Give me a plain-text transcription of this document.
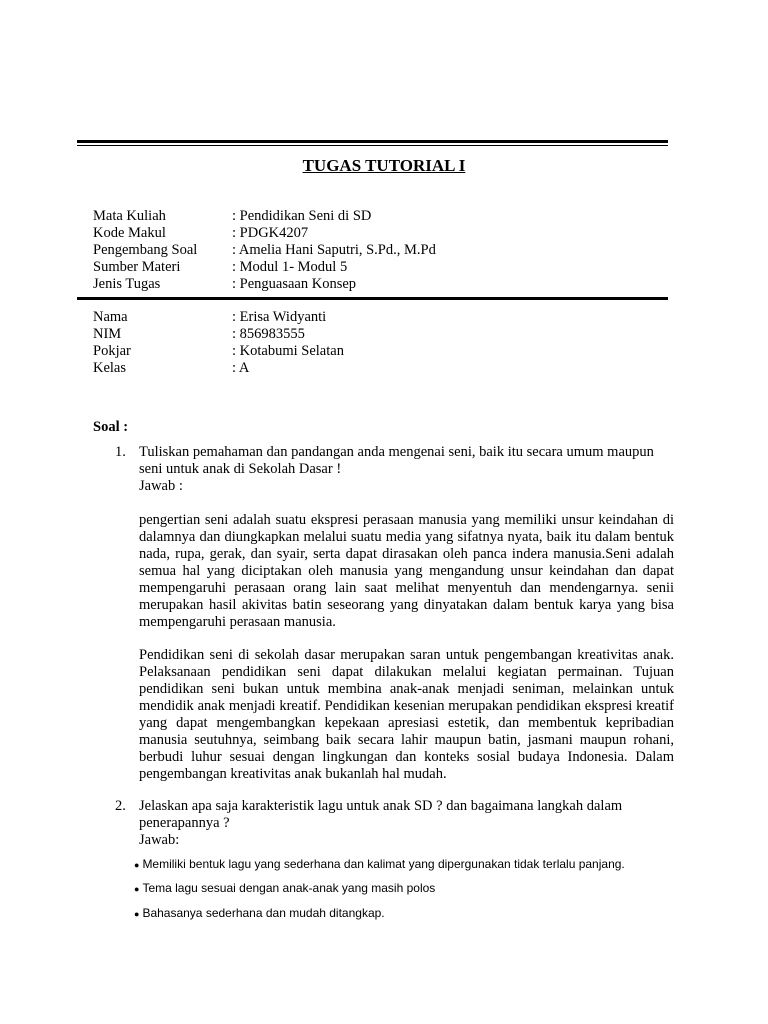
TUGAS TUTORIAL I
Mata Kuliah	: Pendidikan Seni di SD
Kode Makul	: PDGK4207
Pengembang Soal	: Amelia Hani Saputri, S.Pd., M.Pd
Sumber Materi	: Modul 1- Modul 5
Jenis Tugas	: Penguasaan Konsep
Nama	: Erisa Widyanti
NIM	: 856983555
Pokjar	: Kotabumi Selatan
Kelas	: A
Soal :
1. Tuliskan pemahaman dan pandangan anda mengenai seni, baik itu secara umum maupun seni untuk anak di Sekolah Dasar !
Jawab :

pengertian seni adalah suatu ekspresi perasaan manusia yang memiliki unsur keindahan di dalamnya dan diungkapkan melalui suatu media yang sifatnya nyata, baik itu dalam bentuk nada, rupa, gerak, dan syair, serta dapat dirasakan oleh panca indera manusia.Seni adalah semua hal yang diciptakan oleh manusia yang mengandung unsur keindahan dan dapat mempengaruhi perasaan orang lain saat melihat menyentuh dan mendengarnya. senii merupakan hasil akivitas batin seseorang yang dinyatakan dalam bentuk karya yang bisa mempengaruhi perasaan manusia.

Pendidikan seni di sekolah dasar merupakan saran untuk pengembangan kreativitas anak. Pelaksanaan pendidikan seni dapat dilakukan melalui kegiatan permainan. Tujuan pendidikan seni bukan untuk membina anak-anak menjadi seniman, melainkan untuk mendidik anak menjadi kreatif. Pendidikan kesenian merupakan pendidikan ekspresi kreatif yang dapat mengembangkan kepekaan apresiasi estetik, dan membentuk kepribadian manusia seutuhnya, seimbang baik secara lahir maupun batin, jasmani maupun rohani, berbudi luhur sesuai dengan lingkungan dan konteks sosial budaya Indonesia. Dalam pengembangan kreativitas anak bukanlah hal mudah.

2. Jelaskan apa saja karakteristik lagu untuk anak SD ? dan bagaimana langkah dalam penerapannya ?
Jawab:
● Memiliki bentuk lagu yang sederhana dan kalimat yang dipergunakan tidak terlalu panjang.
● Tema lagu sesuai dengan anak-anak yang masih polos
● Bahasanya sederhana dan mudah ditangkap.
